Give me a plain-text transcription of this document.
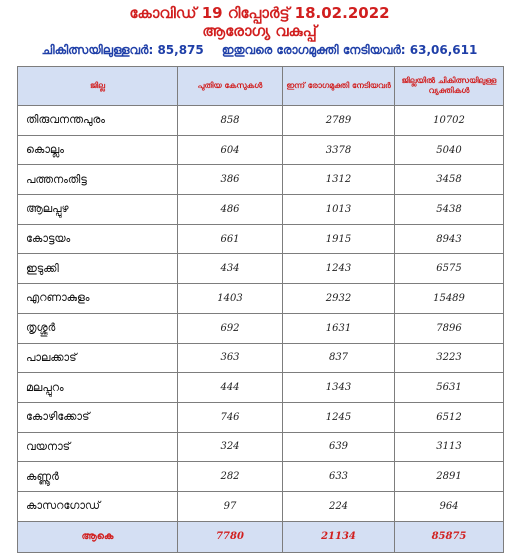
കോവിഡ് 19 റിപ്പോർട്ട് 18.02.2022
ആരോഗ്യ വകുപ്പ്
ചികിത്സയിലുള്ളവർ: 85,875 ഇതുവരെ രോഗമുക്തി നേടിയവർ: 63,06,611
ജില്ല	പുതിയ കേസുകൾ	ഇന്ന് രോഗമുക്തി നേടിയവർ	ജില്ലയിൽ ചികിത്സയിലുള്ള വ്യക്തികൾ
തിരുവനന്തപുരം	858	2789	10702
കൊല്ലം	604	3378	5040
പത്തനംതിട്ട	386	1312	3458
ആലപ്പുഴ	486	1013	5438
കോട്ടയം	661	1915	8943
ഇടുക്കി	434	1243	6575
എറണാകുളം	1403	2932	15489
തൃശ്ശൂർ	692	1631	7896
പാലക്കാട്	363	837	3223
മലപ്പുറം	444	1343	5631
കോഴിക്കോട്	746	1245	6512
വയനാട്	324	639	3113
കണ്ണൂർ	282	633	2891
കാസറഗോഡ്	97	224	964
ആകെ	7780	21134	85875
